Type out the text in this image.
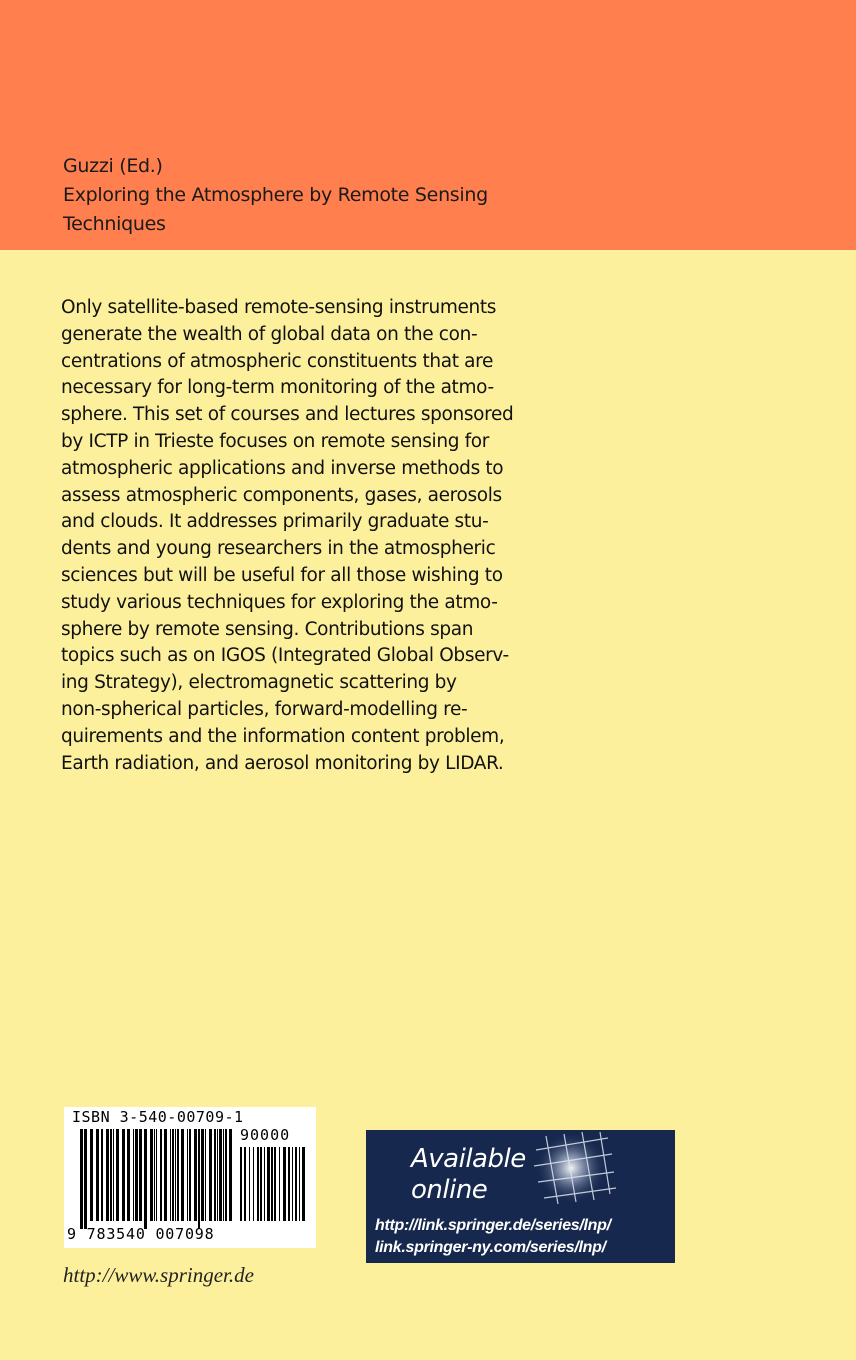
Guzzi (Ed.)
Exploring the Atmosphere by Remote Sensing
Techniques
Only satellite-based remote-sensing instruments
generate the wealth of global data on the con-
centrations of atmospheric constituents that are
necessary for long-term monitoring of the atmo-
sphere. This set of courses and lectures sponsored
by ICTP in Trieste focuses on remote sensing for
atmospheric applications and inverse methods to
assess atmospheric components, gases, aerosols
and clouds. It addresses primarily graduate stu-
dents and young researchers in the atmospheric
sciences but will be useful for all those wishing to
study various techniques for exploring the atmo-
sphere by remote sensing. Contributions span
topics such as on IGOS (Integrated Global Observ-
ing Strategy), electromagnetic scattering by
non-spherical particles, forward-modelling re-
quirements and the information content problem,
Earth radiation, and aerosol monitoring by LIDAR.
ISBN 3-540-00709-1
90000
9 783540 007098
Available
online
http://link.springer.de/series/lnp/
link.springer-ny.com/series/lnp/
http://www.springer.de
